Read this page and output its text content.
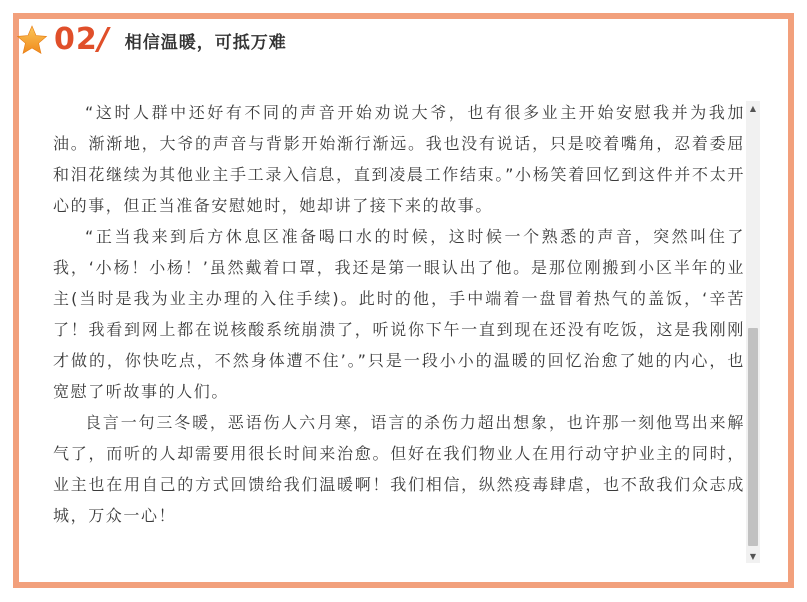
02 / 相信温暖，可抵万难

“这时人群中还好有不同的声音开始劝说大爷，也有很多业主开始安慰我并为我加油。渐渐地，大爷的声音与背影开始渐行渐远。我也没有说话，只是咬着嘴角，忍着委屈和泪花继续为其他业主手工录入信息，直到凌晨工作结束。”小杨笑着回忆到这件并不太开心的事，但正当准备安慰她时，她却讲了接下来的故事。

“正当我来到后方休息区准备喝口水的时候，这时候一个熟悉的声音，突然叫住了我，‘小杨！小杨！’虽然戴着口罩，我还是第一眼认出了他。是那位刚搬到小区半年的业主(当时是我为业主办理的入住手续)。此时的他，手中端着一盘冒着热气的盖饭，‘辛苦了！我看到网上都在说核酸系统崩溃了，听说你下午一直到现在还没有吃饭，这是我刚刚才做的，你快吃点，不然身体遭不住’。”只是一段小小的温暖的回忆治愈了她的内心，也宽慰了听故事的人们。

良言一句三冬暖，恶语伤人六月寒，语言的杀伤力超出想象，也许那一刻他骂出来解气了，而听的人却需要用很长时间来治愈。但好在我们物业人在用行动守护业主的同时，业主也在用自己的方式回馈给我们温暖啊！我们相信，纵然疫毒肆虐，也不敌我们众志成城，万众一心！

▲
▼
